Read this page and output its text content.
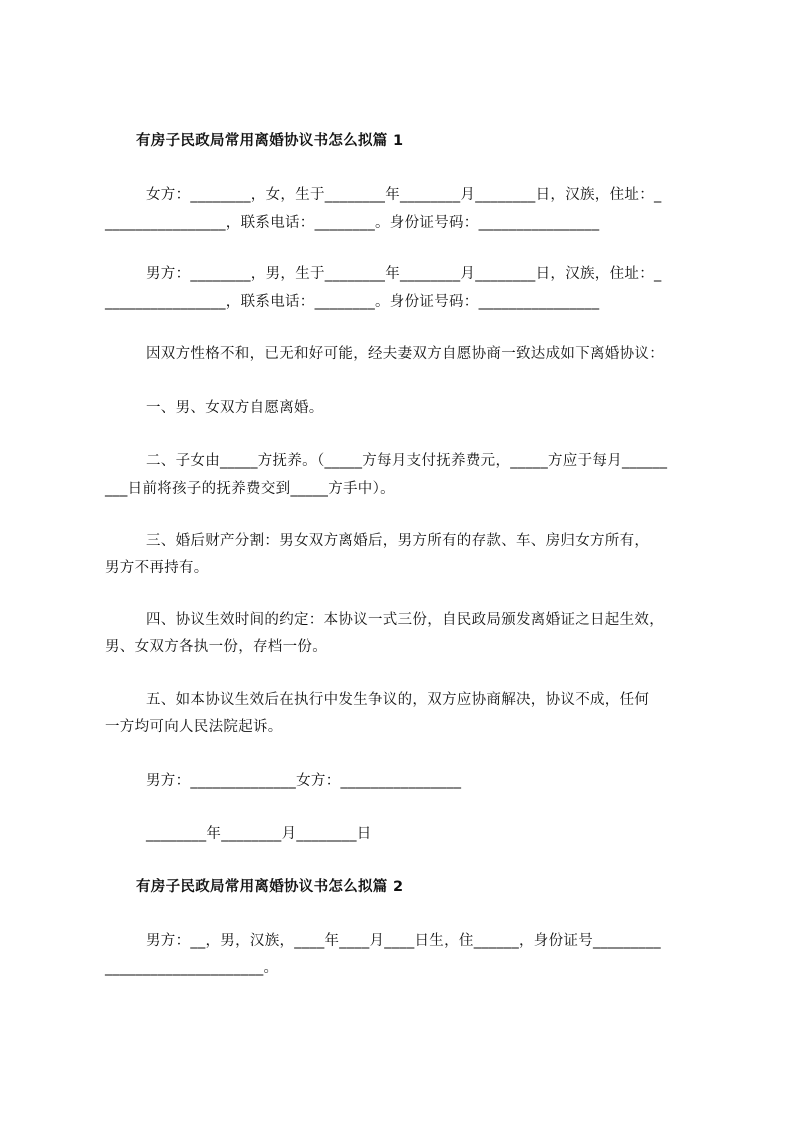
有房子民政局常用离婚协议书怎么拟篇 1
女方：________，女，生于________年________月________日，汉族，住址：_
________________，联系电话：________。身份证号码：________________
男方：________，男，生于________年________月________日，汉族，住址：_
________________，联系电话：________。身份证号码：________________
因双方性格不和，已无和好可能，经夫妻双方自愿协商一致达成如下离婚协议：
一、男、女双方自愿离婚。
二、子女由_____方抚养。（_____方每月支付抚养费元，_____方应于每月______
___日前将孩子的抚养费交到_____方手中）。
三、婚后财产分割：男女双方离婚后，男方所有的存款、车、房归女方所有，
男方不再持有。
四、协议生效时间的约定：本协议一式三份，自民政局颁发离婚证之日起生效，
男、女双方各执一份，存档一份。
五、如本协议生效后在执行中发生争议的，双方应协商解决，协议不成，任何
一方均可向人民法院起诉。
男方：______________女方：________________
________年________月________日
有房子民政局常用离婚协议书怎么拟篇 2
男方：__，男，汉族，____年____月____日生，住______，身份证号_________
_____________________。
